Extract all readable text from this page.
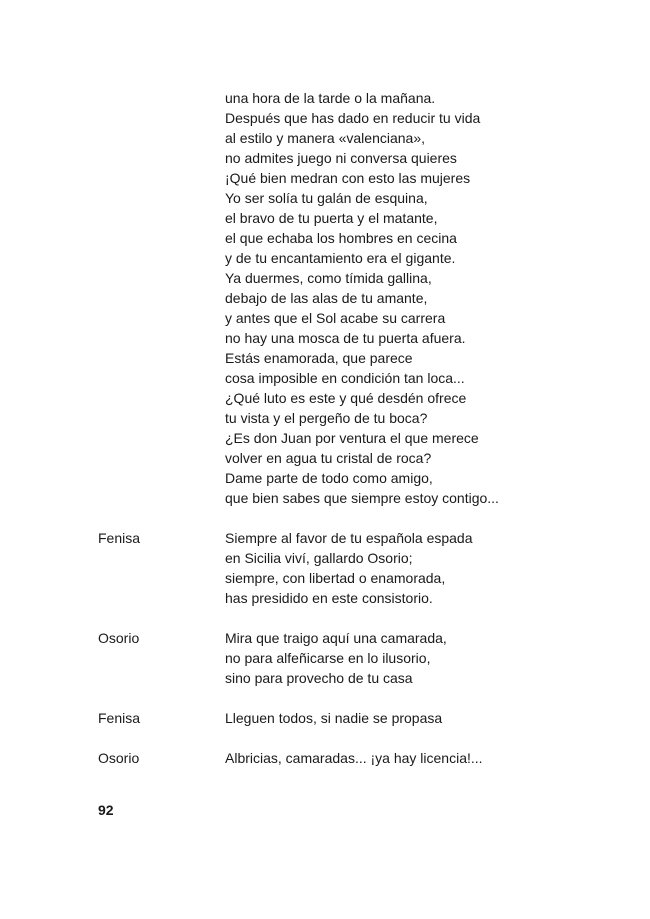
una hora de la tarde o la mañana.
Después que has dado en reducir tu vida
al estilo y manera «valenciana»,
no admites juego ni conversa quieres
¡Qué bien medran con esto las mujeres
Yo ser solía tu galán de esquina,
el bravo de tu puerta y el matante,
el que echaba los hombres en cecina
y de tu encantamiento era el gigante.
Ya duermes, como tímida gallina,
debajo de las alas de tu amante,
y antes que el Sol acabe su carrera
no hay una mosca de tu puerta afuera.
Estás enamorada, que parece
cosa imposible en condición tan loca...
¿Qué luto es este y qué desdén ofrece
tu vista y el pergeño de tu boca?
¿Es don Juan por ventura el que merece
volver en agua tu cristal de roca?
Dame parte de todo como amigo,
que bien sabes que siempre estoy contigo...
Fenisa	Siempre al favor de tu española espada
en Sicilia viví, gallardo Osorio;
siempre, con libertad o enamorada,
has presidido en este consistorio.
Osorio	Mira que traigo aquí una camarada,
no para alfeñicarse en lo ilusorio,
sino para provecho de tu casa
Fenisa	Lleguen todos, si nadie se propasa
Osorio	Albricias, camaradas... ¡ya hay licencia!...
92
